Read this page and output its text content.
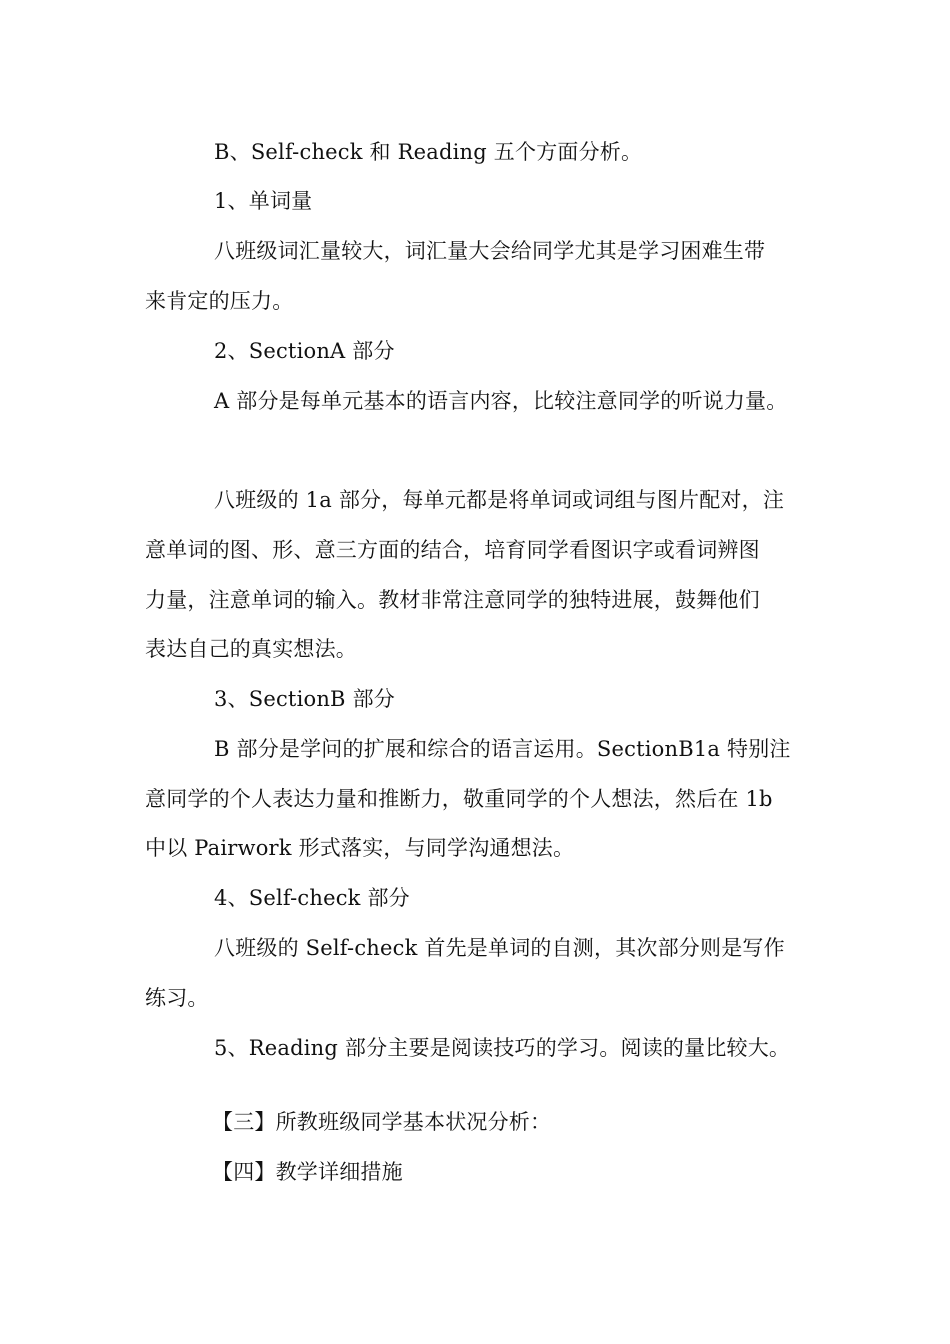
B、Self-check 和 Reading 五个方面分析。
1、单词量
八班级词汇量较大，词汇量大会给同学尤其是学习困难生带
来肯定的压力。
2、SectionA 部分
A 部分是每单元基本的语言内容，比较注意同学的听说力量。
八班级的 1a 部分，每单元都是将单词或词组与图片配对，注
意单词的图、形、意三方面的结合，培育同学看图识字或看词辨图
力量，注意单词的输入。教材非常注意同学的独特进展，鼓舞他们
表达自己的真实想法。
3、SectionB 部分
B 部分是学问的扩展和综合的语言运用。SectionB1a 特别注
意同学的个人表达力量和推断力，敬重同学的个人想法，然后在 1b
中以 Pairwork 形式落实，与同学沟通想法。
4、Self-check 部分
八班级的 Self-check 首先是单词的自测，其次部分则是写作
练习。
5、Reading 部分主要是阅读技巧的学习。阅读的量比较大。
【三】所教班级同学基本状况分析：
【四】教学详细措施
